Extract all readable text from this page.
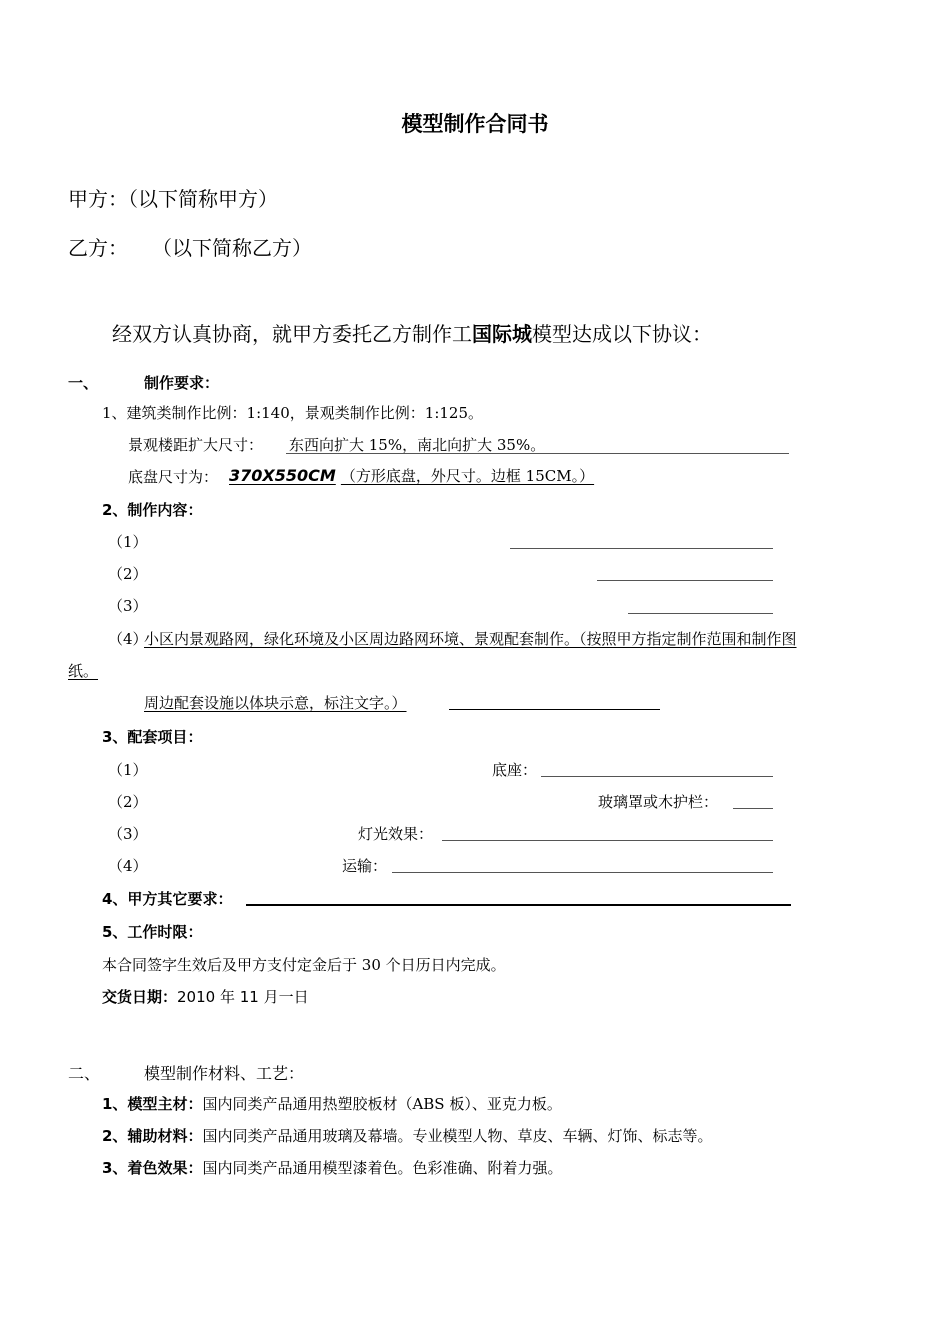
模型制作合同书
甲方：（以下简称甲方）
乙方： （以下简称乙方）
经双方认真协商，就甲方委托乙方制作工国际城模型达成以下协议：
一、	制作要求：
1、建筑类制作比例：1:140，景观类制作比例：1:125。
景观楼距扩大尺寸： 东西向扩大 15%，南北向扩大 35%。
底盘尺寸为： 370X550CM （方形底盘，外尺寸。边框 15CM。）
2、制作内容：
（1）
（2）
（3）
（4）
小区内景观路网，绿化环境及小区周边路网环境、景观配套制作。（按照甲方指定制作范围和制作图
纸。
周边配套设施以体块示意，标注文字。）
3、配套项目：
（1）	底座：
（2）	玻璃罩或木护栏：
（3）	灯光效果：
（4）	运输：
4、甲方其它要求：
5、工作时限：
本合同签字生效后及甲方支付定金后于 30 个日历日内完成。
交货日期：2010 年 11 月一日
二、	模型制作材料、工艺：
1、模型主材：国内同类产品通用热塑胶板材（ABS 板）、亚克力板。
2、辅助材料：国内同类产品通用玻璃及幕墙。专业模型人物、草皮、车辆、灯饰、标志等。
3、着色效果：国内同类产品通用模型漆着色。色彩准确、附着力强。
